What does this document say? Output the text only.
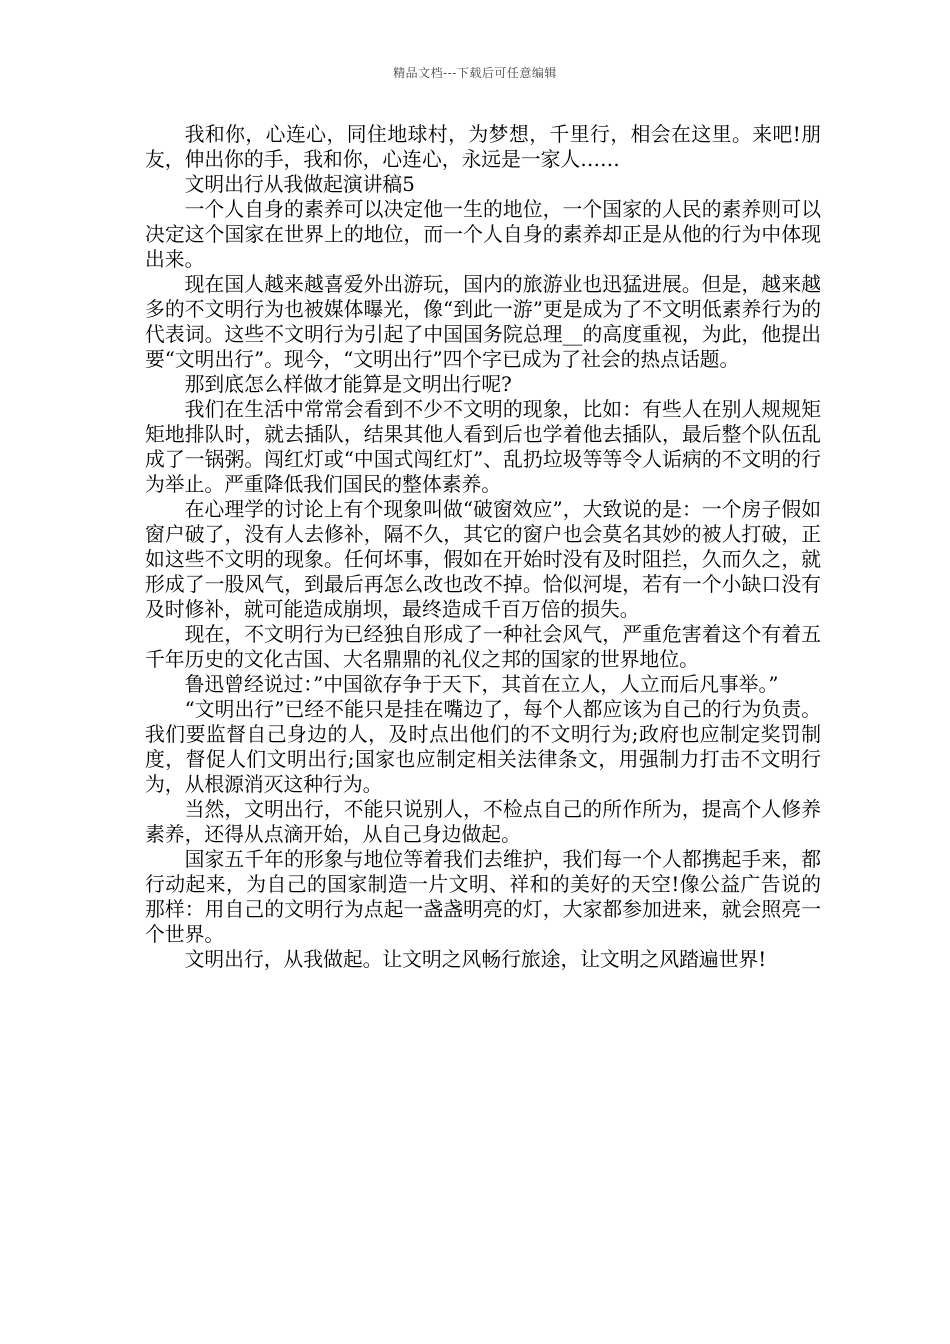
精品文档---下载后可任意编辑

我和你，心连心，同住地球村，为梦想，千里行，相会在这里。来吧!朋友，伸出你的手，我和你，心连心，永远是一家人……

文明出行从我做起演讲稿5

一个人自身的素养可以决定他一生的地位，一个国家的人民的素养则可以决定这个国家在世界上的地位，而一个人自身的素养却正是从他的行为中体现出来。

现在国人越来越喜爱外出游玩，国内的旅游业也迅猛进展。但是，越来越多的不文明行为也被媒体曝光，像“到此一游”更是成为了不文明低素养行为的代表词。这些不文明行为引起了中国国务院总理__的高度重视，为此，他提出要“文明出行”。现今，“文明出行”四个字已成为了社会的热点话题。

那到底怎么样做才能算是文明出行呢?

我们在生活中常常会看到不少不文明的现象，比如：有些人在别人规规矩矩地排队时，就去插队，结果其他人看到后也学着他去插队，最后整个队伍乱成了一锅粥。闯红灯或“中国式闯红灯”、乱扔垃圾等等令人诟病的不文明的行为举止。严重降低我们国民的整体素养。

在心理学的讨论上有个现象叫做“破窗效应”，大致说的是：一个房子假如窗户破了，没有人去修补，隔不久，其它的窗户也会莫名其妙的被人打破，正如这些不文明的现象。任何坏事，假如在开始时没有及时阻拦，久而久之，就形成了一股风气，到最后再怎么改也改不掉。恰似河堤，若有一个小缺口没有及时修补，就可能造成崩坝，最终造成千百万倍的损失。

现在，不文明行为已经独自形成了一种社会风气，严重危害着这个有着五千年历史的文化古国、大名鼎鼎的礼仪之邦的国家的世界地位。

鲁迅曾经说过：”中国欲存争于天下，其首在立人，人立而后凡事举。”

“文明出行”已经不能只是挂在嘴边了，每个人都应该为自己的行为负责。我们要监督自己身边的人，及时点出他们的不文明行为;政府也应制定奖罚制度，督促人们文明出行;国家也应制定相关法律条文，用强制力打击不文明行为，从根源消灭这种行为。

当然，文明出行，不能只说别人，不检点自己的所作所为，提高个人修养素养，还得从点滴开始，从自己身边做起。

国家五千年的形象与地位等着我们去维护，我们每一个人都携起手来，都行动起来，为自己的国家制造一片文明、祥和的美好的天空!像公益广告说的那样：用自己的文明行为点起一盏盏明亮的灯，大家都参加进来，就会照亮一个世界。

文明出行，从我做起。让文明之风畅行旅途，让文明之风踏遍世界!
